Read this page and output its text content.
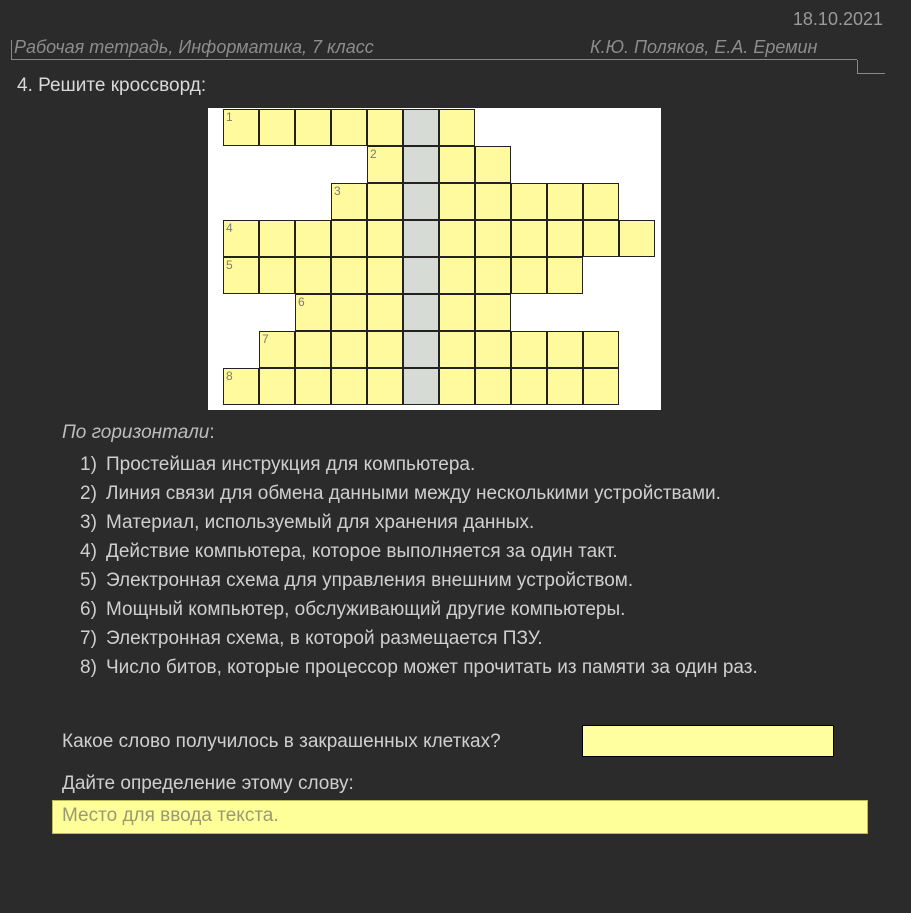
18.10.2021
Рабочая тетрадь, Информатика, 7 класс	К.Ю. Поляков, Е.А. Еремин
4. Решите кроссворд:
1
2
3
4
5
6
7
8
По горизонтали:
1) Простейшая инструкция для компьютера.
2) Линия связи для обмена данными между несколькими устройствами.
3) Материал, используемый для хранения данных.
4) Действие компьютера, которое выполняется за один такт.
5) Электронная схема для управления внешним устройством.
6) Мощный компьютер, обслуживающий другие компьютеры.
7) Электронная схема, в которой размещается ПЗУ.
8) Число битов, которые процессор может прочитать из памяти за один раз.
Какое слово получилось в закрашенных клетках?
Дайте определение этому слову:
Место для ввода текста.
